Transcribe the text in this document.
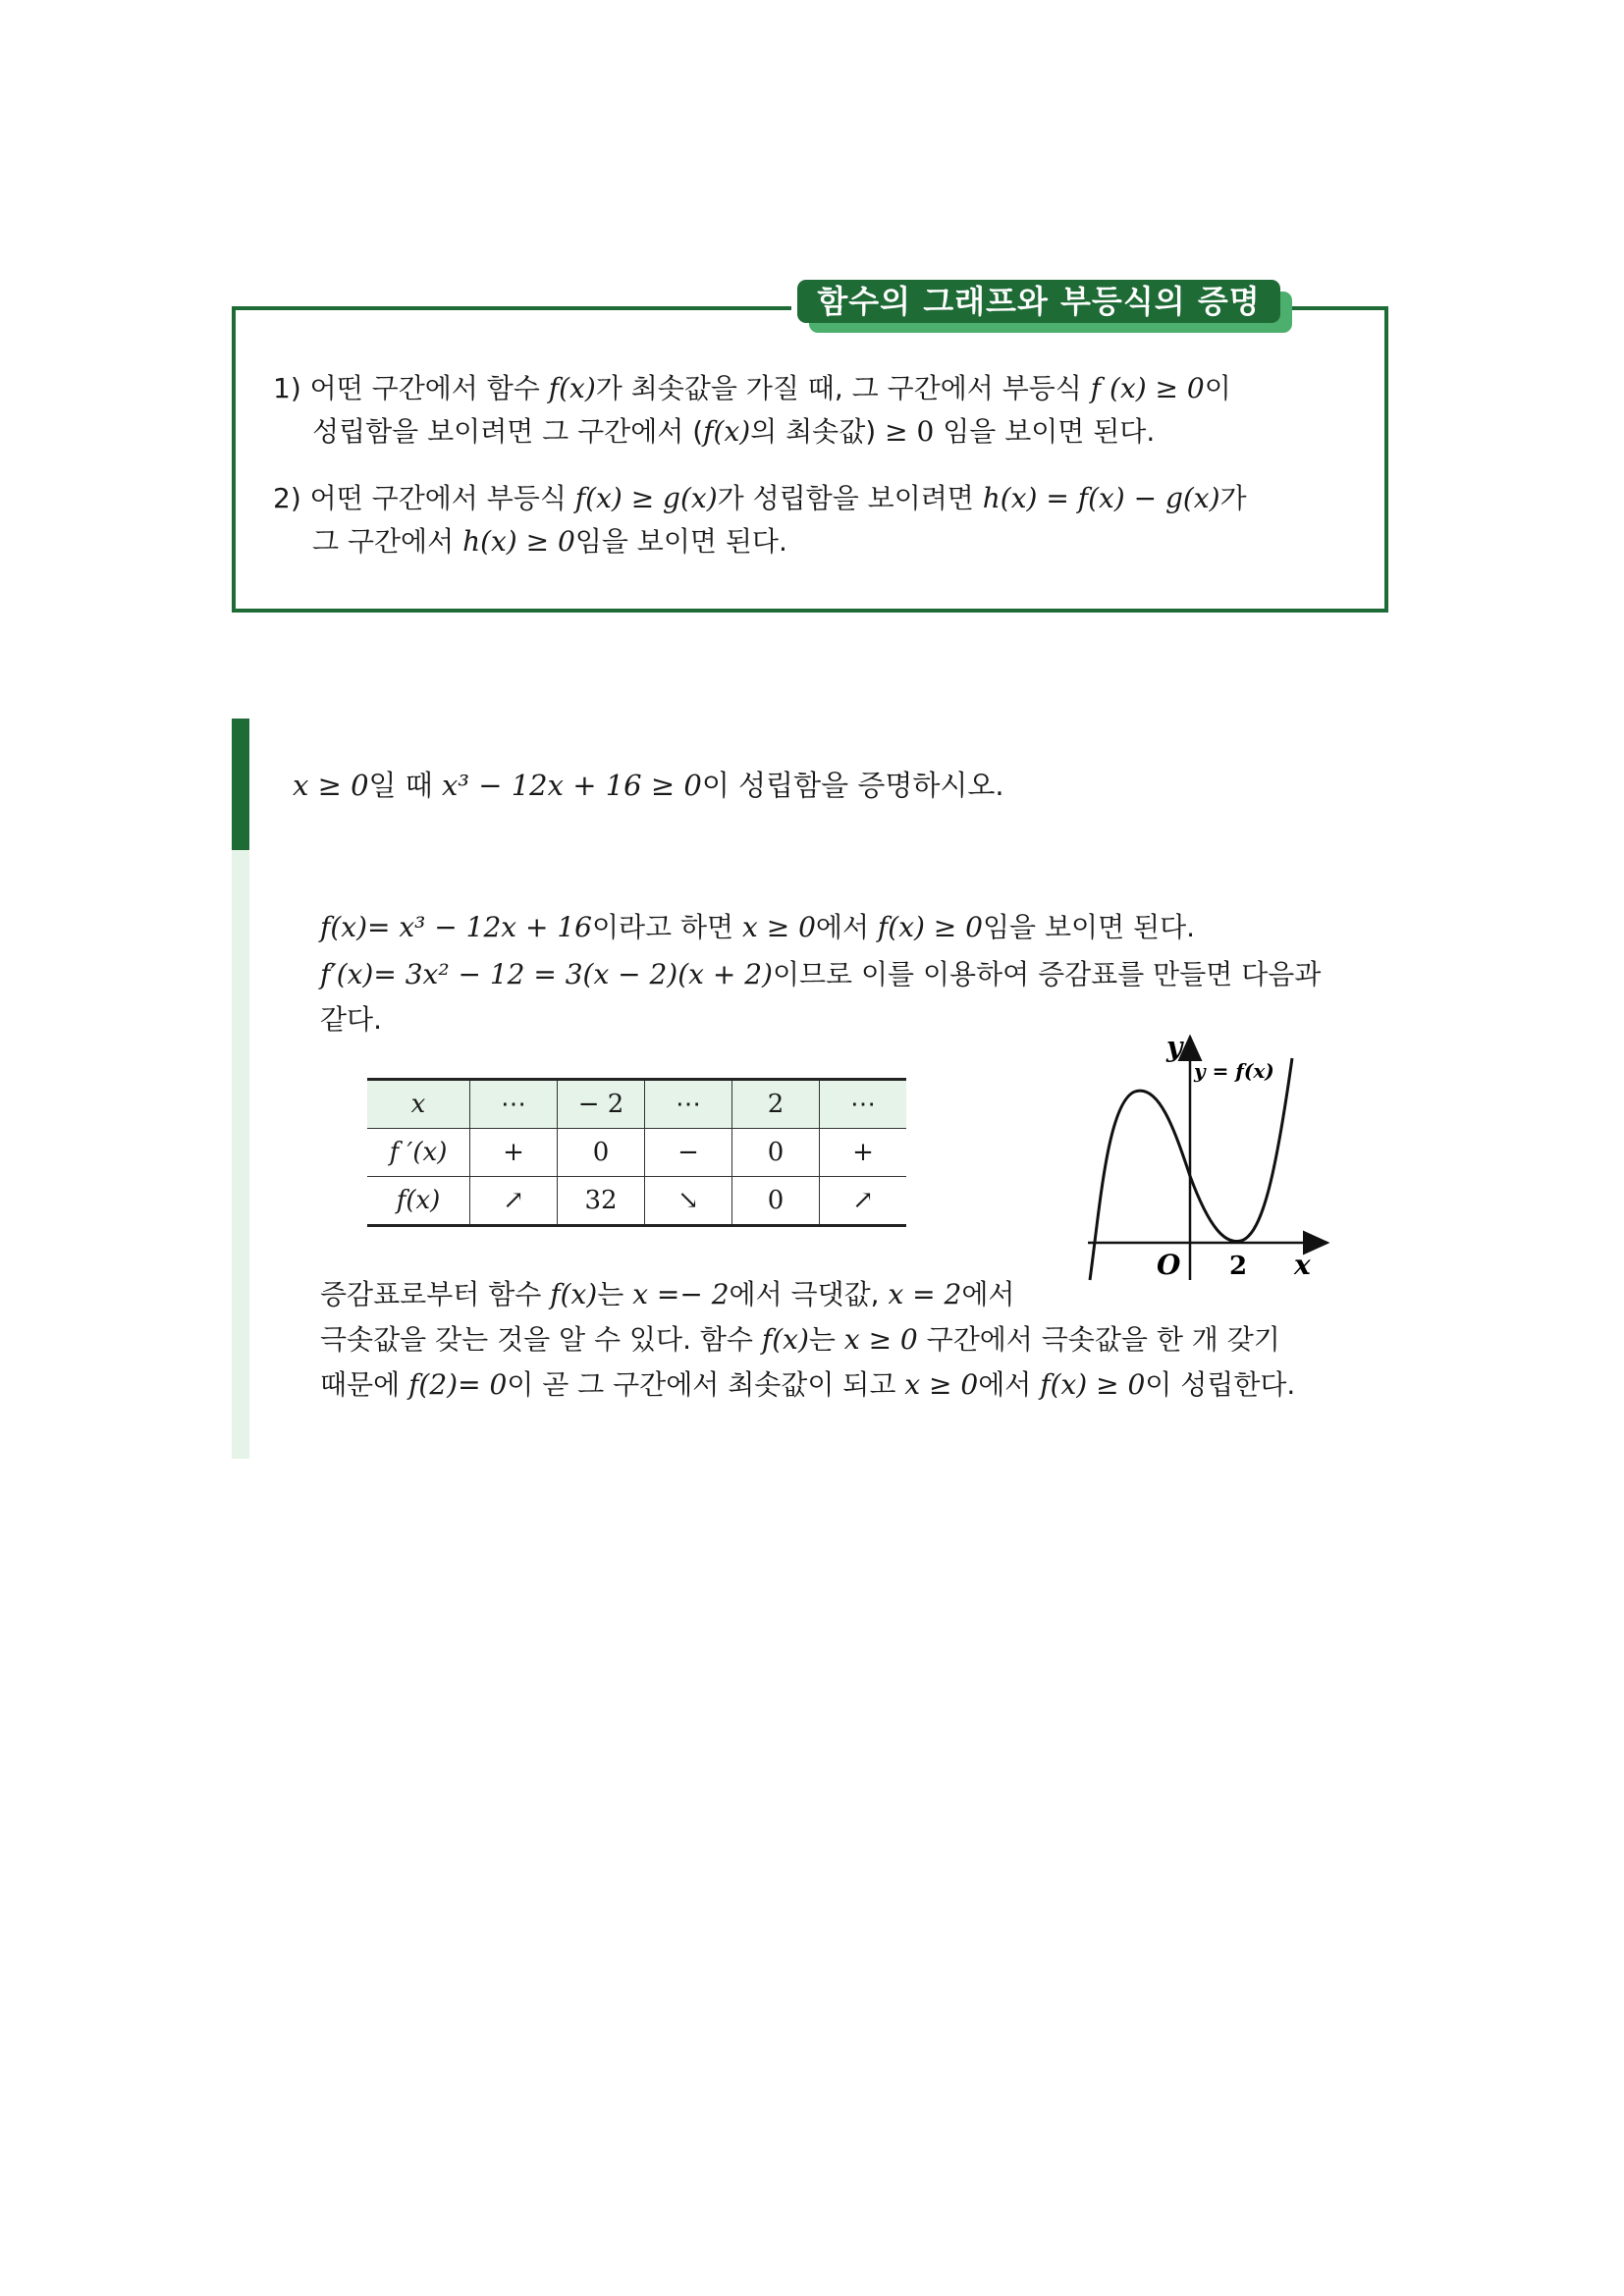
함수의 그래프와 부등식의 증명
1) 어떤 구간에서 함수 f(x)가 최솟값을 가질 때, 그 구간에서 부등식 f (x) ≥ 0이
성립함을 보이려면 그 구간에서 (f(x)의 최솟값) ≥ 0 임을 보이면 된다.
2) 어떤 구간에서 부등식 f(x) ≥ g(x)가 성립함을 보이려면 h(x) = f(x) − g(x)가
그 구간에서 h(x) ≥ 0임을 보이면 된다.
x ≥ 0일 때 x³ − 12x + 16 ≥ 0이 성립함을 증명하시오.
f(x)= x³ − 12x + 16이라고 하면 x ≥ 0에서 f(x) ≥ 0임을 보이면 된다.
f′(x)= 3x² − 12 = 3(x − 2)(x + 2)이므로 이를 이용하여 증감표를 만들면 다음과
같다.
x	⋯	− 2	⋯	2	⋯
f ′(x)	+	0	−	0	+
f(x)	↗	32	↘	0	↗
y
y = f(x)
O 2 x
증감표로부터 함수 f(x)는 x =− 2에서 극댓값, x = 2에서
극솟값을 갖는 것을 알 수 있다. 함수 f(x)는 x ≥ 0 구간에서 극솟값을 한 개 갖기
때문에 f(2)= 0이 곧 그 구간에서 최솟값이 되고 x ≥ 0에서 f(x) ≥ 0이 성립한다.
